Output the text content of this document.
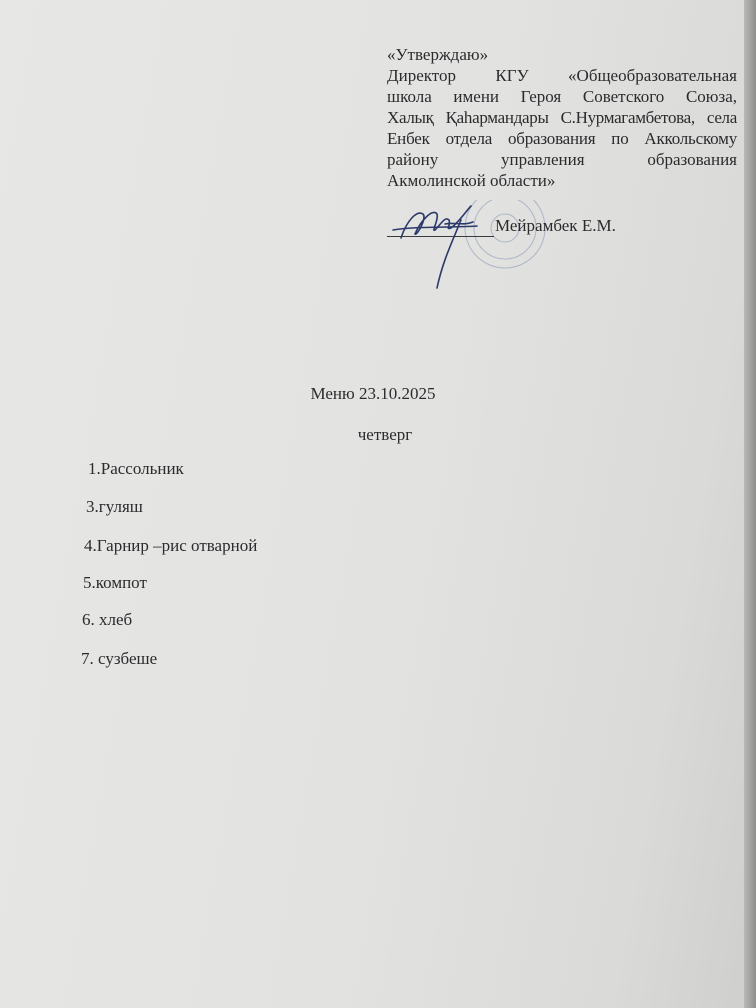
«Утверждаю»
Директор КГУ «Общеобразовательная
школа имени Героя Советского Союза,
Халық Қаһармандары С.Нурмагамбетова, села
Енбек отдела образования по Аккольскому
району управления образования
Акмолинской области»
Мейрамбек Е.М.
Меню 23.10.2025
четверг
1.Рассольник
3.гуляш
4.Гарнир –рис отварной
5.компот
6. хлеб
7. сузбеше
